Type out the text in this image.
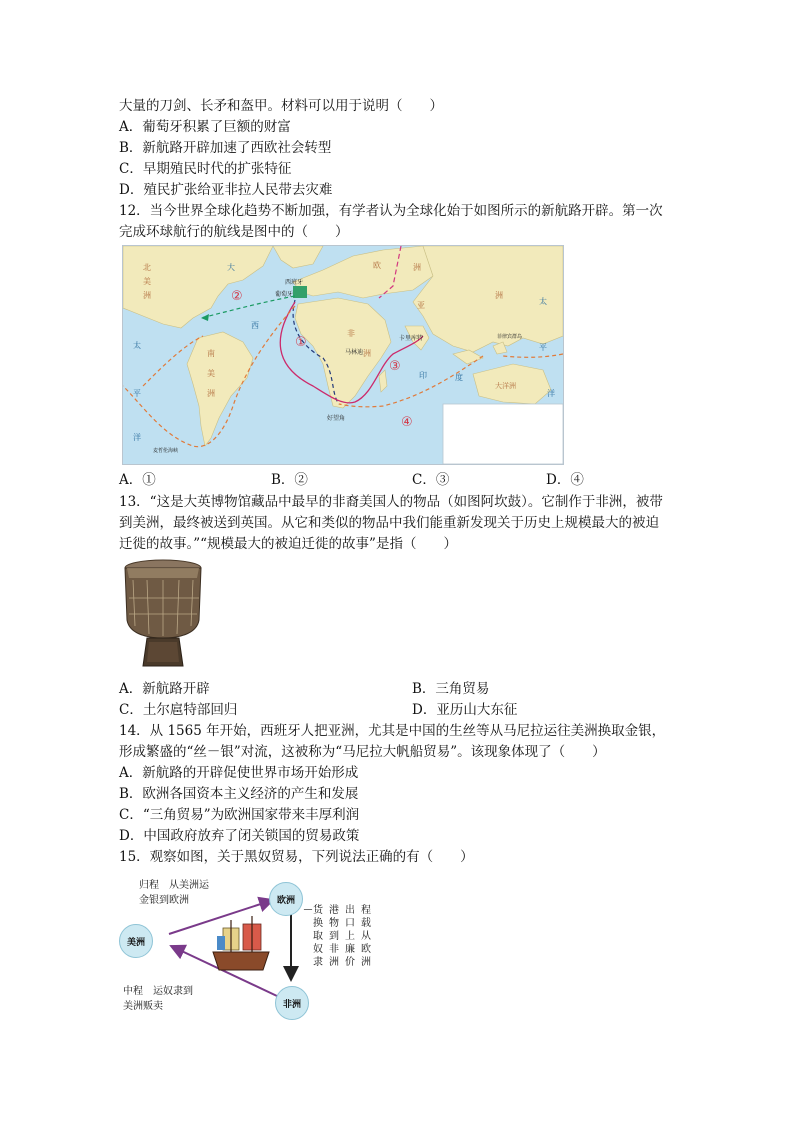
大量的刀剑、长矛和盔甲。材料可以用于说明（　　）
A．葡萄牙积累了巨额的财富
B．新航路开辟加速了西欧社会转型
C．早期殖民时代的扩张特征
D．殖民扩张给亚非拉人民带去灾难
12．当今世界全球化趋势不断加强，有学者认为全球化始于如图所示的新航路开辟。第一次
完成环球航行的航线是图中的（　　）
北
美
洲
大
西
欧	洲
亚
洲
非
洲
西班牙
葡萄牙
卡里库特
马林迪
菲律宾群岛
好望角
南
美
洲
太
平
洋
太
平
洋
印	度
大洋洲
麦哲伦海峡
①
②
③
④
A．①	B．②	C．③	D．④
13．“这是大英博物馆藏品中最早的非裔美国人的物品（如图阿坎鼓）。它制作于非洲，被带
到美洲，最终被送到英国。从它和类似的物品中我们能重新发现关于历史上规模最大的被迫
迁徙的故事。”“规模最大的被迫迁徙的故事”是指（　　）
A．新航路开辟	B．三角贸易
C．土尔扈特部回归	D．亚历山大东征
14．从 1565 年开始，西班牙人把亚洲，尤其是中国的生丝等从马尼拉运往美洲换取金银，
形成繁盛的“丝－银”对流，这被称为“马尼拉大帆船贸易”。该现象体现了（　　）
A．新航路的开辟促使世界市场开始形成
B．欧洲各国资本主义经济的产生和发展
C．“三角贸易”为欧洲国家带来丰厚利润
D．中国政府放弃了闭关锁国的贸易政策
15．观察如图，关于黑奴贸易，下列说法正确的有（　　）
欧洲
美洲
非洲
归程　从美洲运
金银到欧洲
中程　运奴隶到
美洲贩卖
— 货换取奴隶
港物到非洲
出口上廉价
程载从欧洲
